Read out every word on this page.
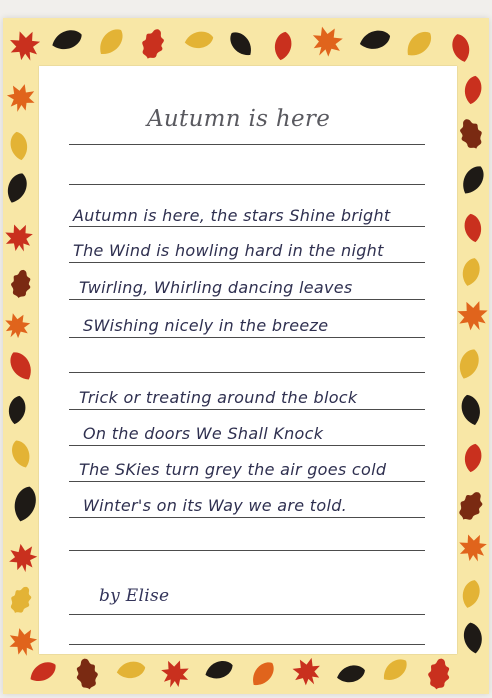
Autumn is here
Autumn is here, the stars Shine bright
The Wind is howling hard in the night
Twirling, Whirling dancing leaves
SWishing nicely in the breeze
Trick or treating around the block
On the doors We Shall Knock
The SKies turn grey the air goes cold
Winter's on its Way we are told.
by Elise
